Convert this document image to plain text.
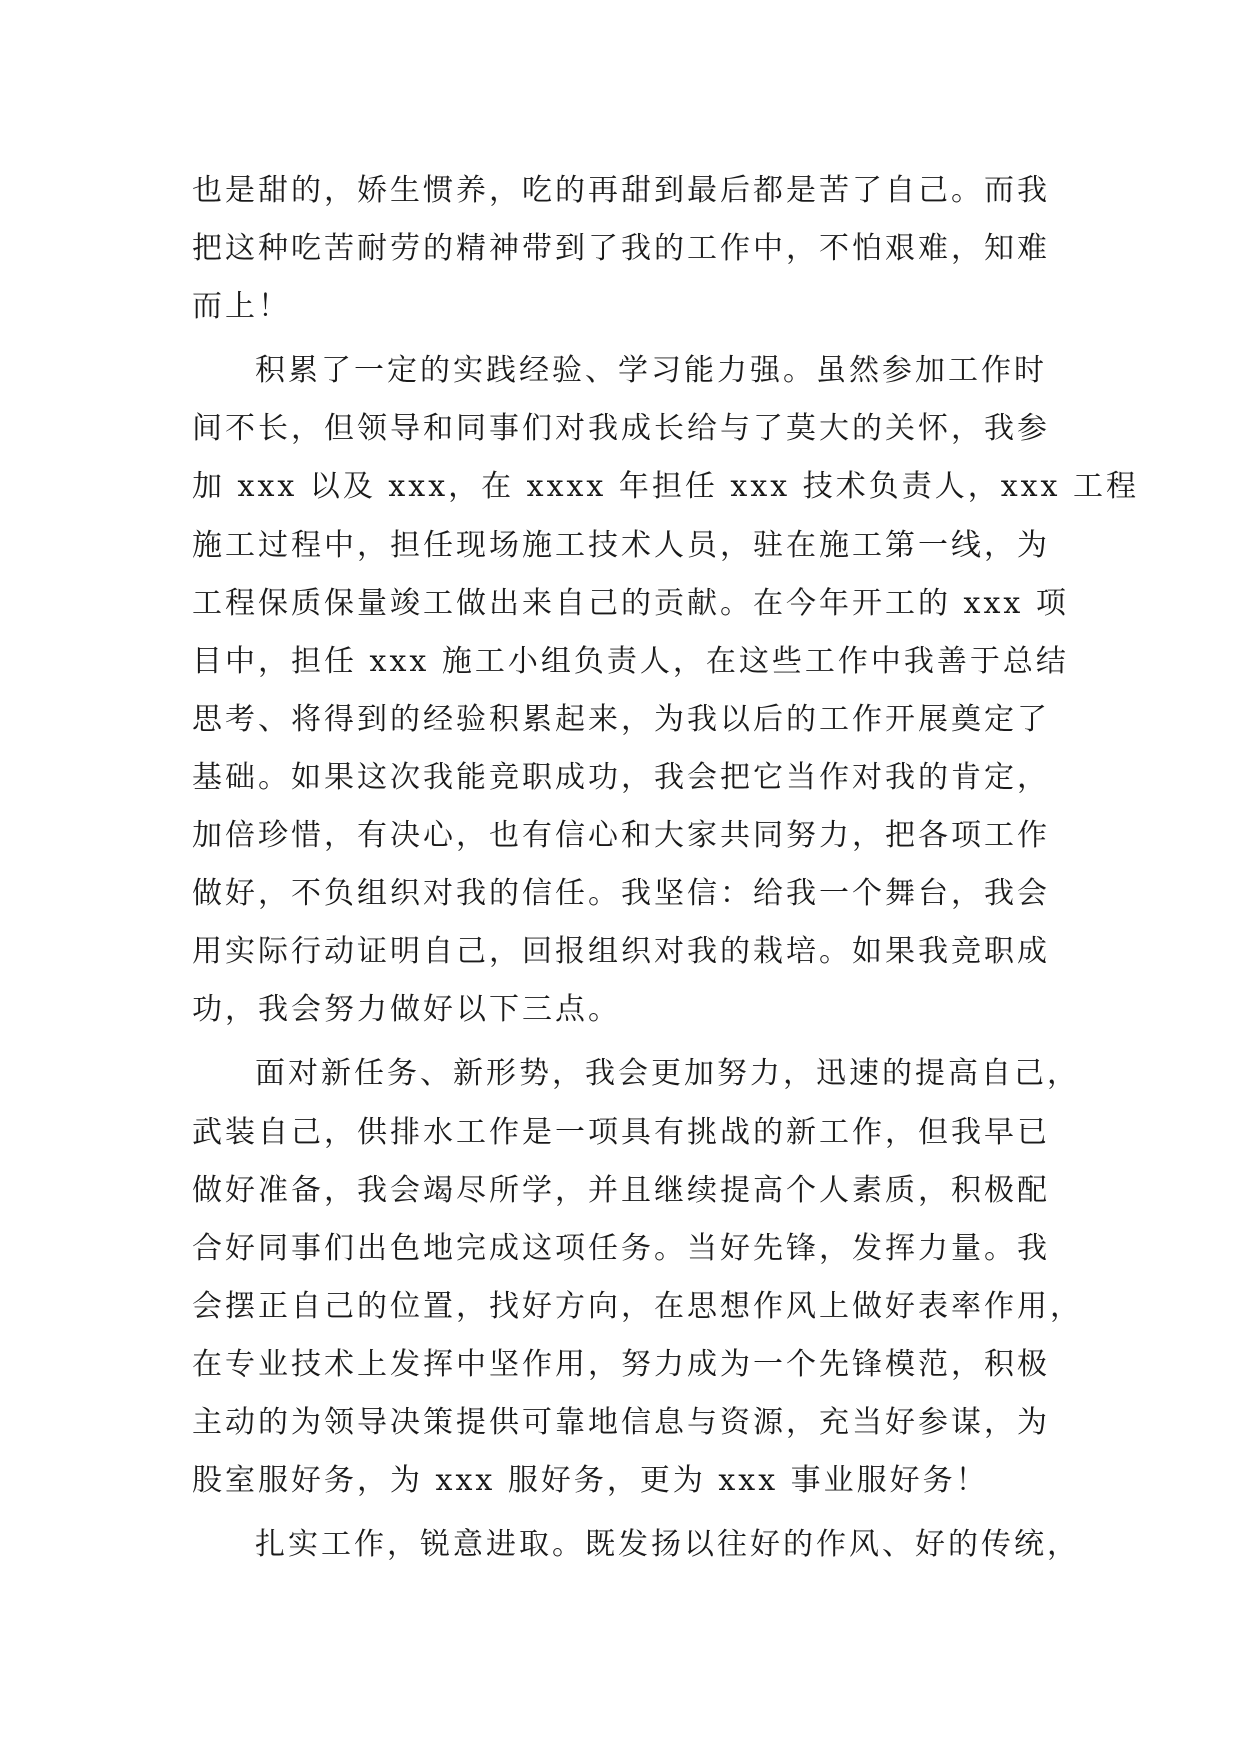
也是甜的，娇生惯养，吃的再甜到最后都是苦了自己。而我
把这种吃苦耐劳的精神带到了我的工作中，不怕艰难，知难
而上！
积累了一定的实践经验、学习能力强。虽然参加工作时
间不长，但领导和同事们对我成长给与了莫大的关怀，我参
加 xxx 以及 xxx，在 xxxx 年担任 xxx 技术负责人，xxx 工程
施工过程中，担任现场施工技术人员，驻在施工第一线，为
工程保质保量竣工做出来自己的贡献。在今年开工的 xxx 项
目中，担任 xxx 施工小组负责人，在这些工作中我善于总结
思考、将得到的经验积累起来，为我以后的工作开展奠定了
基础。如果这次我能竞职成功，我会把它当作对我的肯定，
加倍珍惜，有决心，也有信心和大家共同努力，把各项工作
做好，不负组织对我的信任。我坚信：给我一个舞台，我会
用实际行动证明自己，回报组织对我的栽培。如果我竞职成
功，我会努力做好以下三点。
面对新任务、新形势，我会更加努力，迅速的提高自己，
武装自己，供排水工作是一项具有挑战的新工作，但我早已
做好准备，我会竭尽所学，并且继续提高个人素质，积极配
合好同事们出色地完成这项任务。当好先锋，发挥力量。我
会摆正自己的位置，找好方向，在思想作风上做好表率作用，
在专业技术上发挥中坚作用，努力成为一个先锋模范，积极
主动的为领导决策提供可靠地信息与资源，充当好参谋，为
股室服好务，为 xxx 服好务，更为 xxx 事业服好务！
扎实工作，锐意进取。既发扬以往好的作风、好的传统，
